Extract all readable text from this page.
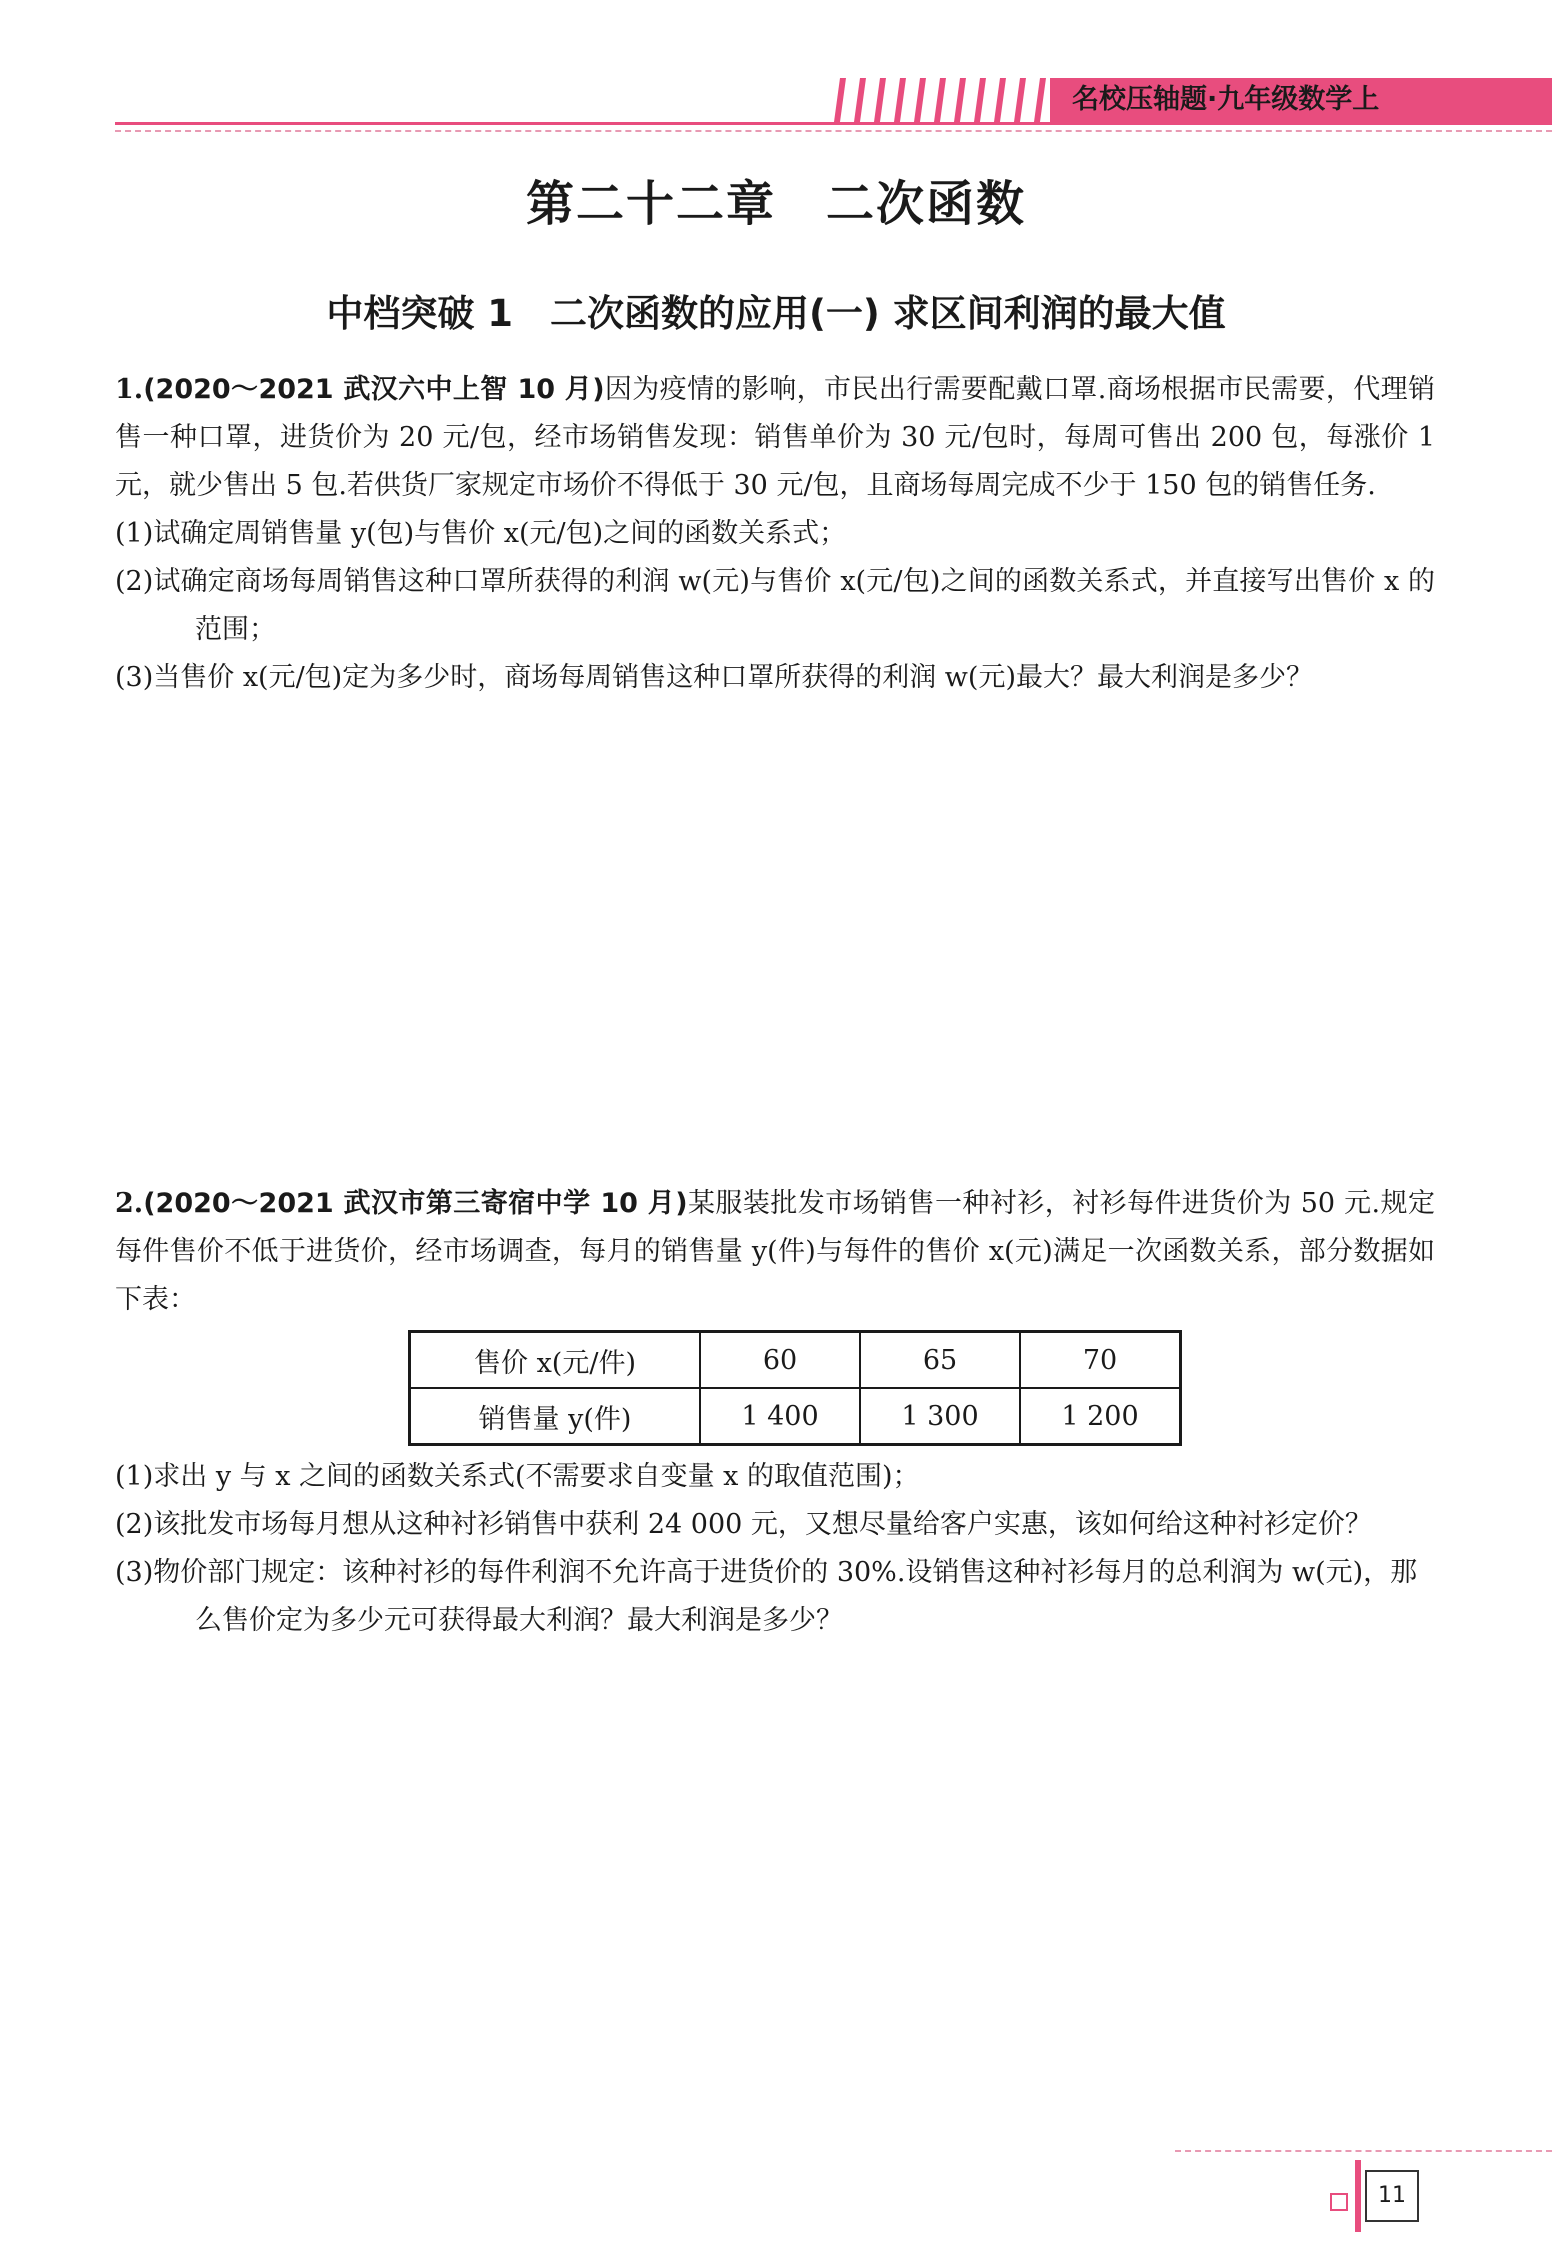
名校压轴题·九年级数学上
第二十二章　二次函数
中档突破 1　二次函数的应用(一) 求区间利润的最大值

1.(2020～2021 武汉六中上智 10 月)因为疫情的影响，市民出行需要配戴口罩.商场根据市民需要，代理销售一种口罩，进货价为 20 元/包，经市场销售发现：销售单价为 30 元/包时，每周可售出 200 包，每涨价 1 元，就少售出 5 包.若供货厂家规定市场价不得低于 30 元/包，且商场每周完成不少于 150 包的销售任务.

(1)试确定周销售量 y(包)与售价 x(元/包)之间的函数关系式；

(2)试确定商场每周销售这种口罩所获得的利润 w(元)与售价 x(元/包)之间的函数关系式，并直接写出售价 x 的范围；

(3)当售价 x(元/包)定为多少时，商场每周销售这种口罩所获得的利润 w(元)最大？最大利润是多少？

2.(2020～2021 武汉市第三寄宿中学 10 月)某服装批发市场销售一种衬衫，衬衫每件进货价为 50 元.规定每件售价不低于进货价，经市场调查，每月的销售量 y(件)与每件的售价 x(元)满足一次函数关系，部分数据如下表：

售价 x(元/件)	60	65	70
销售量 y(件)	1 400	1 300	1 200

(1)求出 y 与 x 之间的函数关系式(不需要求自变量 x 的取值范围)；

(2)该批发市场每月想从这种衬衫销售中获利 24 000 元，又想尽量给客户实惠，该如何给这种衬衫定价？

(3)物价部门规定：该种衬衫的每件利润不允许高于进货价的 30%.设销售这种衬衫每月的总利润为 w(元)，那么售价定为多少元可获得最大利润？最大利润是多少？

11
